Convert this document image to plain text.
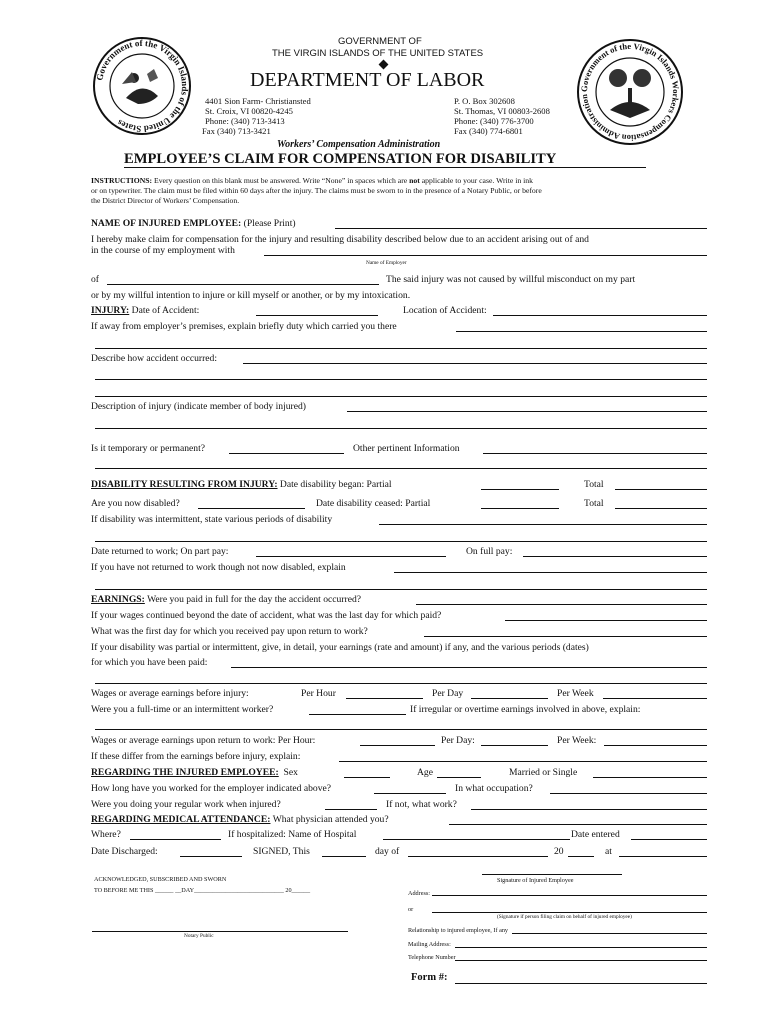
GOVERNMENT OF
THE VIRGIN ISLANDS OF THE UNITED STATES
DEPARTMENT OF LABOR
Government of the Virgin Islands of the United States
Government of the Virgin Islands Workers Compensation Administration
4401 Sion Farm- Christiansted
St. Croix, VI 00820-4245
Phone: (340) 713-3413
Fax (340) 713-3421
P. O. Box 302608
St. Thomas, VI 00803-2608
Phone: (340) 776-3700
Fax (340) 774-6801
Workers’ Compensation Administration
EMPLOYEE’S CLAIM FOR COMPENSATION FOR DISABILITY
INSTRUCTIONS: Every question on this blank must be answered. Write “None” in spaces which are not applicable to your case. Write in ink
or on typewriter. The claim must be filed within 60 days after the injury. The claims must be sworn to in the presence of a Notary Public, or before
the District Director of Workers’ Compensation.
NAME OF INJURED EMPLOYEE: (Please Print)
I hereby make claim for compensation for the injury and resulting disability described below due to an accident arising out of and
in the course of my employment with
Name of Employer
of	The said injury was not caused by willful misconduct on my part
or by my willful intention to injure or kill myself or another, or by my intoxication.
INJURY: Date of Accident:	Location of Accident:
If away from employer’s premises, explain briefly duty which carried you there
Describe how accident occurred:
Description of injury (indicate member of body injured)
Is it temporary or permanent?	Other pertinent Information
DISABILITY RESULTING FROM INJURY: Date disability began: Partial	Total
Are you now disabled?	Date disability ceased: Partial	Total
If disability was intermittent, state various periods of disability
Date returned to work; On part pay:	On full pay:
If you have not returned to work though not now disabled, explain
EARNINGS: Were you paid in full for the day the accident occurred?
If your wages continued beyond the date of accident, what was the last day for which paid?
What was the first day for which you received pay upon return to work?
If your disability was partial or intermittent, give, in detail, your earnings (rate and amount) if any, and the various periods (dates)
for which you have been paid:
Wages or average earnings before injury:	Per Hour	Per Day	Per Week
Were you a full-time or an intermittent worker?	If irregular or overtime earnings involved in above, explain:
Wages or average earnings upon return to work: Per Hour:	Per Day:	Per Week:
If these differ from the earnings before injury, explain:
REGARDING THE INJURED EMPLOYEE: Sex	Age	Married or Single
How long have you worked for the employer indicated above?	In what occupation?
Were you doing your regular work when injured?	If not, what work?
REGARDING MEDICAL ATTENDANCE: What physician attended you?
Where?	If hospitalized: Name of Hospital	Date entered
Date Discharged:	SIGNED, This	day of	20	at
ACKNOWLEDGED, SUBSCRIBED AND SWORN
TO BEFORE ME THIS ______ __DAY_____________________________ 20______
Signature of Injured Employee
Address:
or
(Signature if person filing claim on behalf of injured employee)
Notary Public
Relationship to injured employee, If any
Mailing Address:
Telephone Number
Form #:
